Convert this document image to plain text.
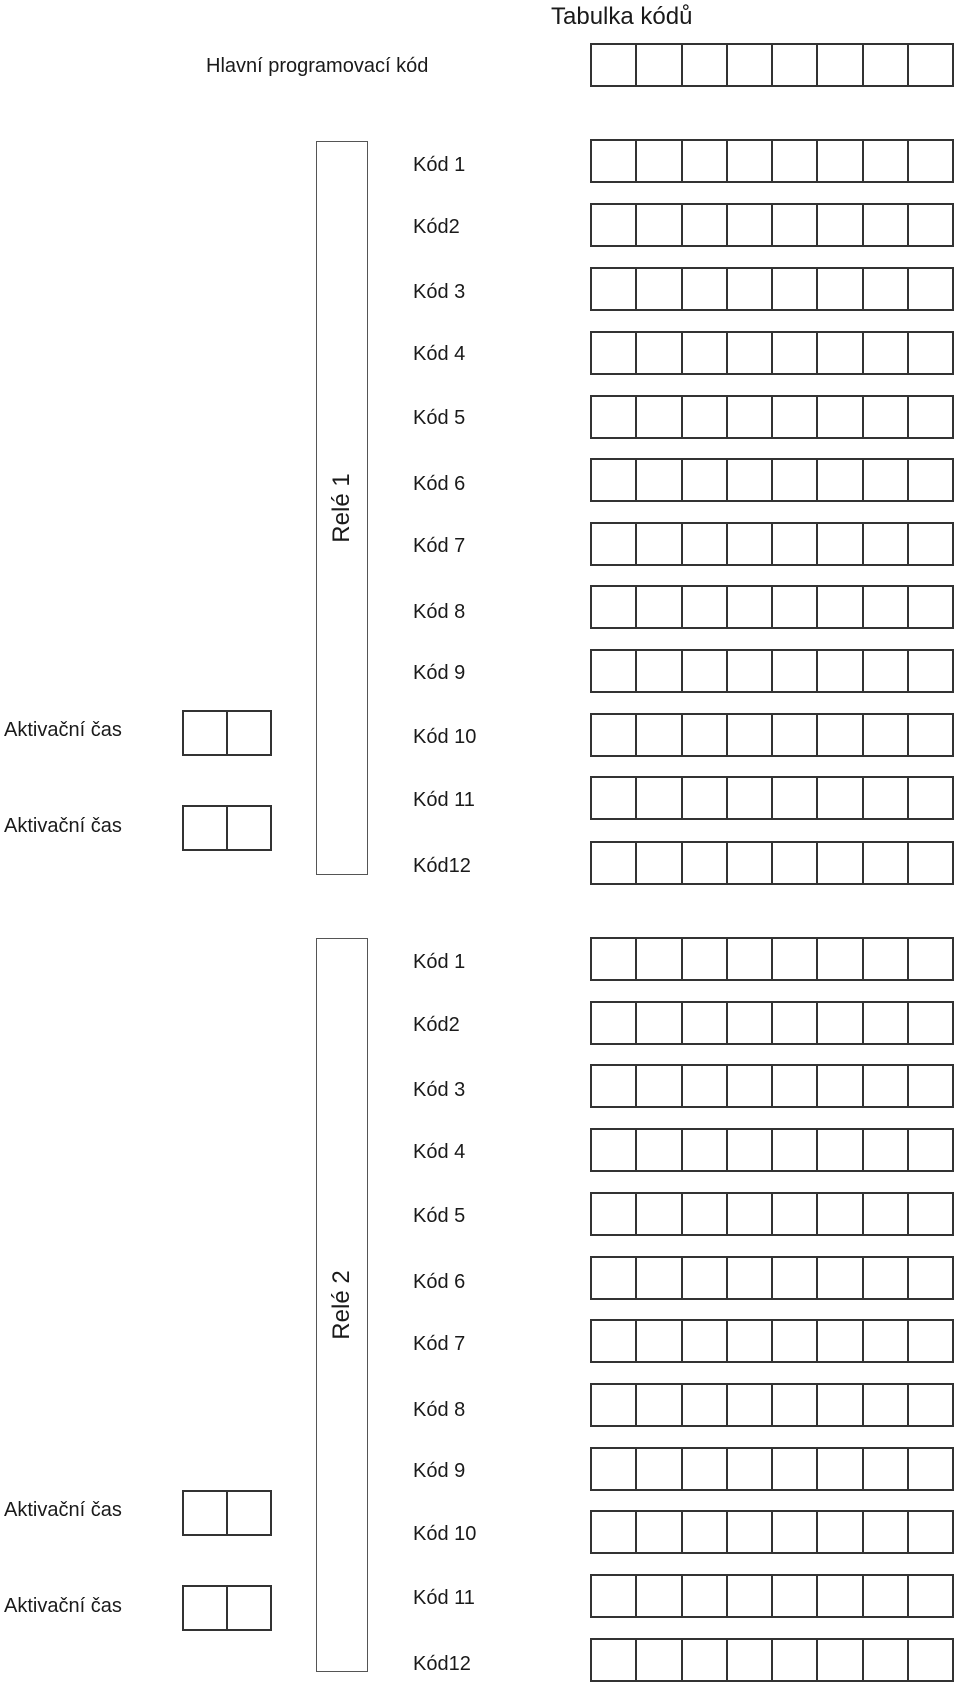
Tabulka kódů
Hlavní programovací kód
Relé 1
Aktivační čas
Aktivační čas
Relé 2
Aktivační čas
Aktivační čas
Kód 1
Kód2
Kód 3
Kód 4
Kód 5
Kód 6
Kód 7
Kód 8
Kód 9
Kód 10
Kód 11
Kód12
Kód 1
Kód2
Kód 3
Kód 4
Kód 5
Kód 6
Kód 7
Kód 8
Kód 9
Kód 10
Kód 11
Kód12
